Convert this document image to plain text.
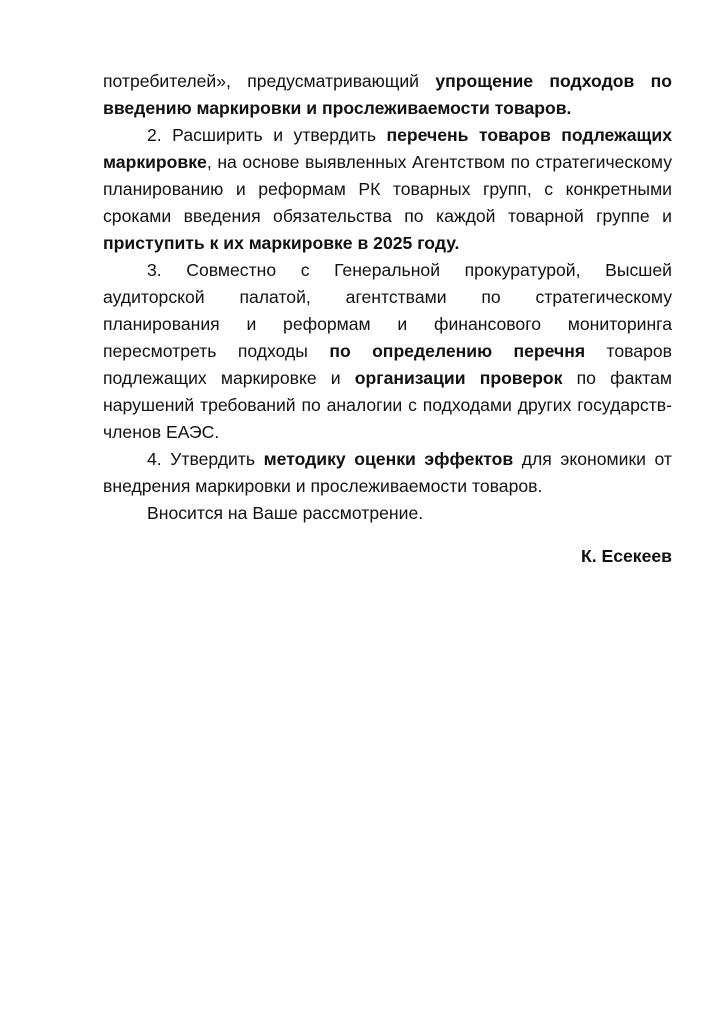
потребителей», предусматривающий упрощение подходов по введению маркировки и прослеживаемости товаров.

2. Расширить и утвердить перечень товаров подлежащих маркировке, на основе выявленных Агентством по стратегическому планированию и реформам РК товарных групп, с конкретными сроками введения обязательства по каждой товарной группе и приступить к их маркировке в 2025 году.

3. Совместно с Генеральной прокуратурой, Высшей аудиторской палатой, агентствами по стратегическому планирования и реформам и финансового мониторинга пересмотреть подходы по определению перечня товаров подлежащих маркировке и организации проверок по фактам нарушений требований по аналогии с подходами других государств-членов ЕАЭС.

4. Утвердить методику оценки эффектов для экономики от внедрения маркировки и прослеживаемости товаров.

Вносится на Ваше рассмотрение.

К. Есекеев
